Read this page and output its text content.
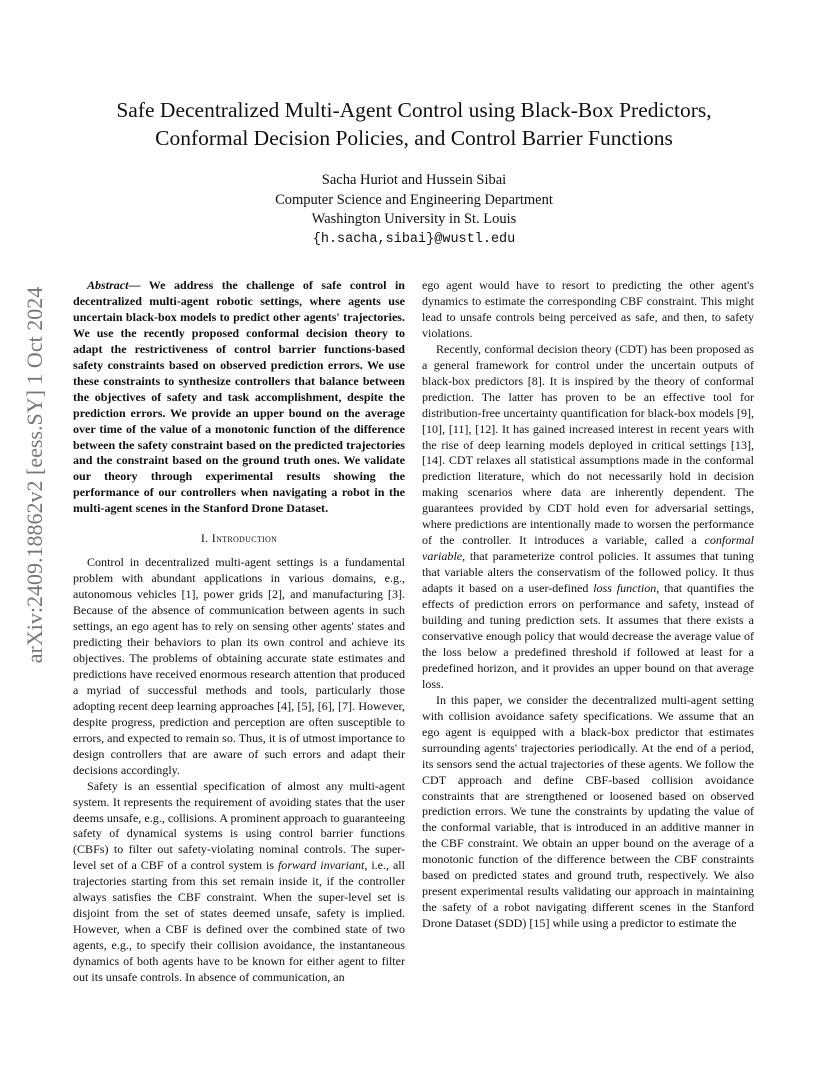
arXiv:2409.18862v2 [eess.SY] 1 Oct 2024
Safe Decentralized Multi-Agent Control using Black-Box Predictors,
Conformal Decision Policies, and Control Barrier Functions
Sacha Huriot and Hussein Sibai
Computer Science and Engineering Department
Washington University in St. Louis
{h.sacha,sibai}@wustl.edu

Abstract— We address the challenge of safe control in decentralized multi-agent robotic settings, where agents use uncertain black-box models to predict other agents' trajectories. We use the recently proposed conformal decision theory to adapt the restrictiveness of control barrier functions-based safety constraints based on observed prediction errors. We use these constraints to synthesize controllers that balance between the objectives of safety and task accomplishment, despite the prediction errors. We provide an upper bound on the average over time of the value of a monotonic function of the difference between the safety constraint based on the predicted trajectories and the constraint based on the ground truth ones. We validate our theory through experimental results showing the performance of our controllers when navigating a robot in the multi-agent scenes in the Stanford Drone Dataset.

I. Introduction

Control in decentralized multi-agent settings is a fundamental problem with abundant applications in various domains, e.g., autonomous vehicles [1], power grids [2], and manufacturing [3]. Because of the absence of communication between agents in such settings, an ego agent has to rely on sensing other agents' states and predicting their behaviors to plan its own control and achieve its objectives. The problems of obtaining accurate state estimates and predictions have received enormous research attention that produced a myriad of successful methods and tools, particularly those adopting recent deep learning approaches [4], [5], [6], [7]. However, despite progress, prediction and perception are often susceptible to errors, and expected to remain so. Thus, it is of utmost importance to design controllers that are aware of such errors and adapt their decisions accordingly.

Safety is an essential specification of almost any multi-agent system. It represents the requirement of avoiding states that the user deems unsafe, e.g., collisions. A prominent approach to guaranteeing safety of dynamical systems is using control barrier functions (CBFs) to filter out safety-violating nominal controls. The super-level set of a CBF of a control system is forward invariant, i.e., all trajectories starting from this set remain inside it, if the controller always satisfies the CBF constraint. When the super-level set is disjoint from the set of states deemed unsafe, safety is implied. However, when a CBF is defined over the combined state of two agents, e.g., to specify their collision avoidance, the instantaneous dynamics of both agents have to be known for either agent to filter out its unsafe controls. In absence of communication, an

ego agent would have to resort to predicting the other agent's dynamics to estimate the corresponding CBF constraint. This might lead to unsafe controls being perceived as safe, and then, to safety violations.

Recently, conformal decision theory (CDT) has been proposed as a general framework for control under the uncertain outputs of black-box predictors [8]. It is inspired by the theory of conformal prediction. The latter has proven to be an effective tool for distribution-free uncertainty quantification for black-box models [9], [10], [11], [12]. It has gained increased interest in recent years with the rise of deep learning models deployed in critical settings [13], [14]. CDT relaxes all statistical assumptions made in the conformal prediction literature, which do not necessarily hold in decision making scenarios where data are inherently dependent. The guarantees provided by CDT hold even for adversarial settings, where predictions are intentionally made to worsen the performance of the controller. It introduces a variable, called a conformal variable, that parameterize control policies. It assumes that tuning that variable alters the conservatism of the followed policy. It thus adapts it based on a user-defined loss function, that quantifies the effects of prediction errors on performance and safety, instead of building and tuning prediction sets. It assumes that there exists a conservative enough policy that would decrease the average value of the loss below a predefined threshold if followed at least for a predefined horizon, and it provides an upper bound on that average loss.

In this paper, we consider the decentralized multi-agent setting with collision avoidance safety specifications. We assume that an ego agent is equipped with a black-box predictor that estimates surrounding agents' trajectories periodically. At the end of a period, its sensors send the actual trajectories of these agents. We follow the CDT approach and define CBF-based collision avoidance constraints that are strengthened or loosened based on observed prediction errors. We tune the constraints by updating the value of the conformal variable, that is introduced in an additive manner in the CBF constraint. We obtain an upper bound on the average of a monotonic function of the difference between the CBF constraints based on predicted states and ground truth, respectively. We also present experimental results validating our approach in maintaining the safety of a robot navigating different scenes in the Stanford Drone Dataset (SDD) [15] while using a predictor to estimate the
